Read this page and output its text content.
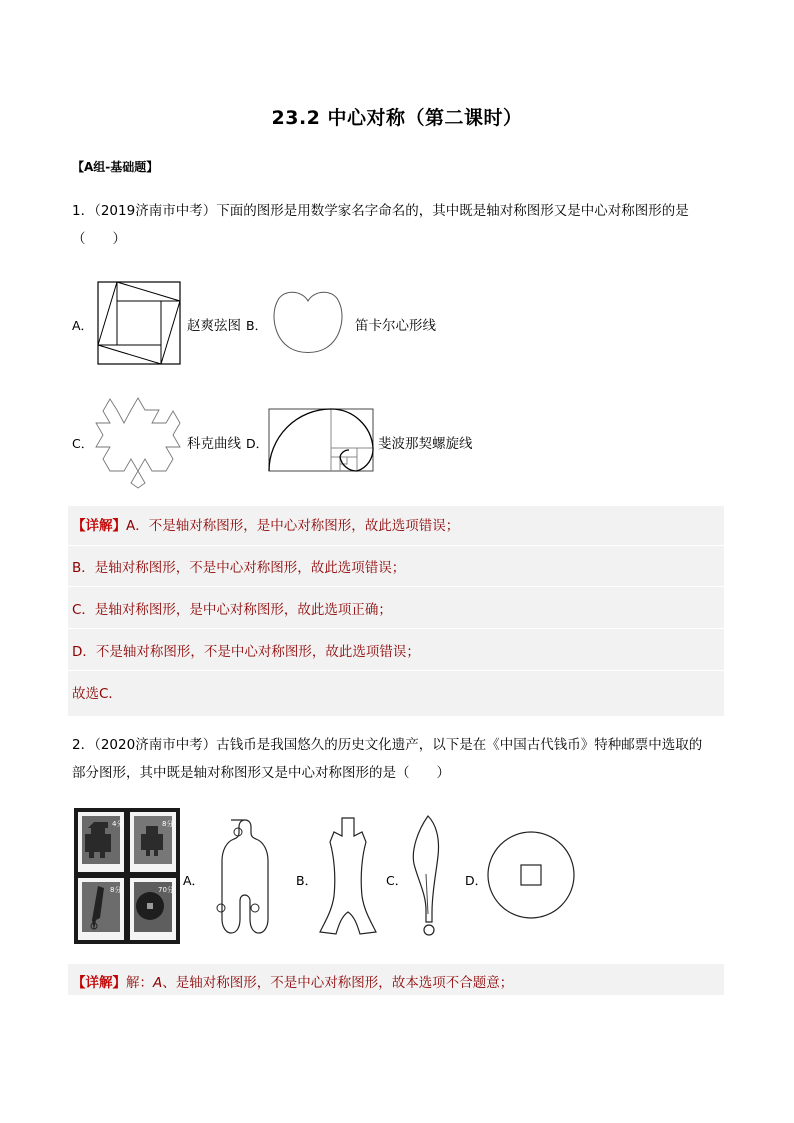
23.2 中心对称（第二课时）
【A组-基础题】
1．（2019济南市中考）下面的图形是用数学家名字命名的，其中既是轴对称图形又是中心对称图形的是
（　　）
A．	赵爽弦图 B．	笛卡尔心形线
C．	科克曲线 D．	斐波那契螺旋线
【详解】A．不是轴对称图形，是中心对称图形，故此选项错误；
B．是轴对称图形，不是中心对称图形，故此选项错误；
C．是轴对称图形，是中心对称图形，故此选项正确；
D．不是轴对称图形，不是中心对称图形，故此选项错误；
故选C．
2．（2020济南市中考）古钱币是我国悠久的历史文化遗产，以下是在《中国古代钱币》特种邮票中选取的
部分图形，其中既是轴对称图形又是中心对称图形的是（　　）
4分	8分
8分	70分
A．	B．	C．	D．
【详解】解：A、是轴对称图形，不是中心对称图形，故本选项不合题意；
